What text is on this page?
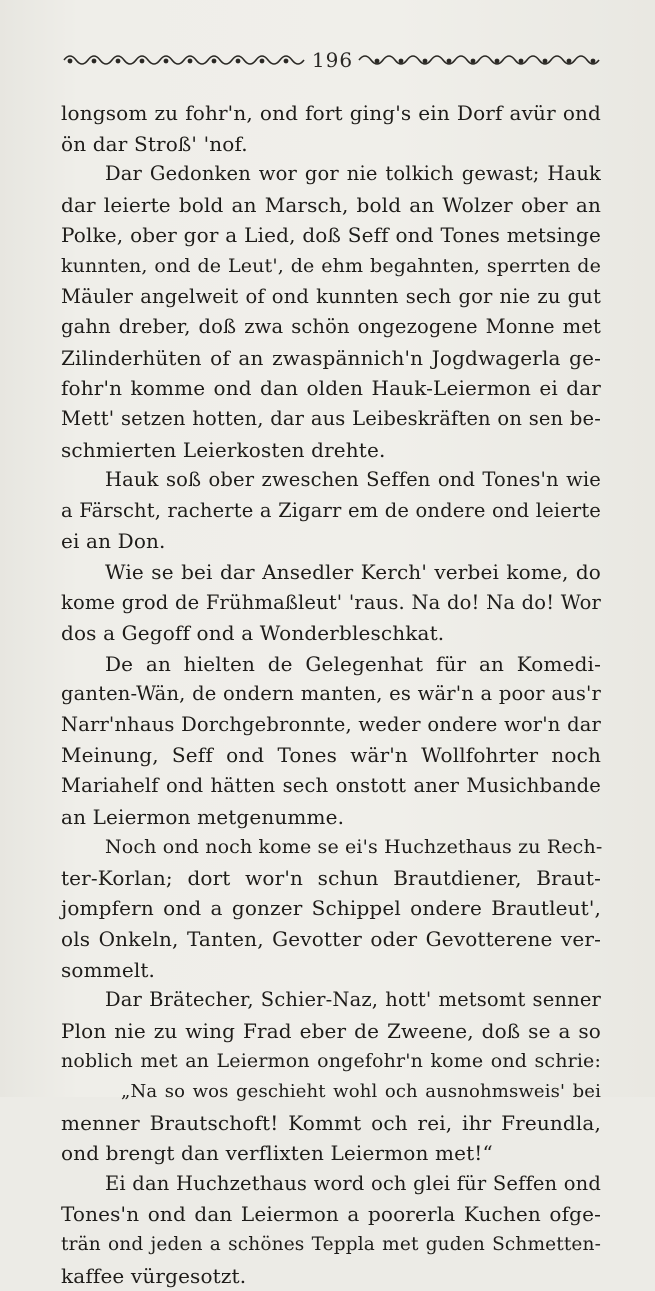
196
longsom zu fohr'n, ond fort ging's ein Dorf avür ond
ön dar Stroß' 'nof.
Dar Gedonken wor gor nie tolkich gewast; Hauk
dar leierte bold an Marsch, bold an Wolzer ober an
Polke, ober gor a Lied, doß Seff ond Tones metsinge
kunnten, ond de Leut', de ehm begahnten, sperrten de
Mäuler angelweit of ond kunnten sech gor nie zu gut
gahn dreber, doß zwa schön ongezogene Monne met
Zilinderhüten of an zwaspännich'n Jogdwagerla ge-
fohr'n komme ond dan olden Hauk-Leiermon ei dar
Mett' setzen hotten, dar aus Leibeskräften on sen be-
schmierten Leierkosten drehte.
Hauk soß ober zweschen Seffen ond Tones'n wie
a Färscht, racherte a Zigarr em de ondere ond leierte
ei an Don.
Wie se bei dar Ansedler Kerch' verbei kome, do
kome grod de Frühmaßleut' 'raus. Na do! Na do! Wor
dos a Gegoff ond a Wonderbleschkat.
De an hielten de Gelegenhat für an Komedi-
ganten-Wän, de ondern manten, es wär'n a poor aus'r
Narr'nhaus Dorchgebronnte, weder ondere wor'n dar
Meinung, Seff ond Tones wär'n Wollfohrter noch
Mariahelf ond hätten sech onstott aner Musichbande
an Leiermon metgenumme.
Noch ond noch kome se ei's Huchzethaus zu Rech-
ter-Korlan; dort wor'n schun Brautdiener, Braut-
jompfern ond a gonzer Schippel ondere Brautleut',
ols Onkeln, Tanten, Gevotter oder Gevotterene ver-
sommelt.
Dar Brätecher, Schier-Naz, hott' metsomt senner
Plon nie zu wing Frad eber de Zweene, doß se a so
noblich met an Leiermon ongefohr'n kome ond schrie:
„Na so wos geschieht wohl och ausnohmsweis' bei
menner Brautschoft! Kommt och rei, ihr Freundla,
ond brengt dan verflixten Leiermon met!“
Ei dan Huchzethaus word och glei für Seffen ond
Tones'n ond dan Leiermon a poorerla Kuchen ofge-
trän ond jeden a schönes Teppla met guden Schmetten-
kaffee vürgesotzt.
